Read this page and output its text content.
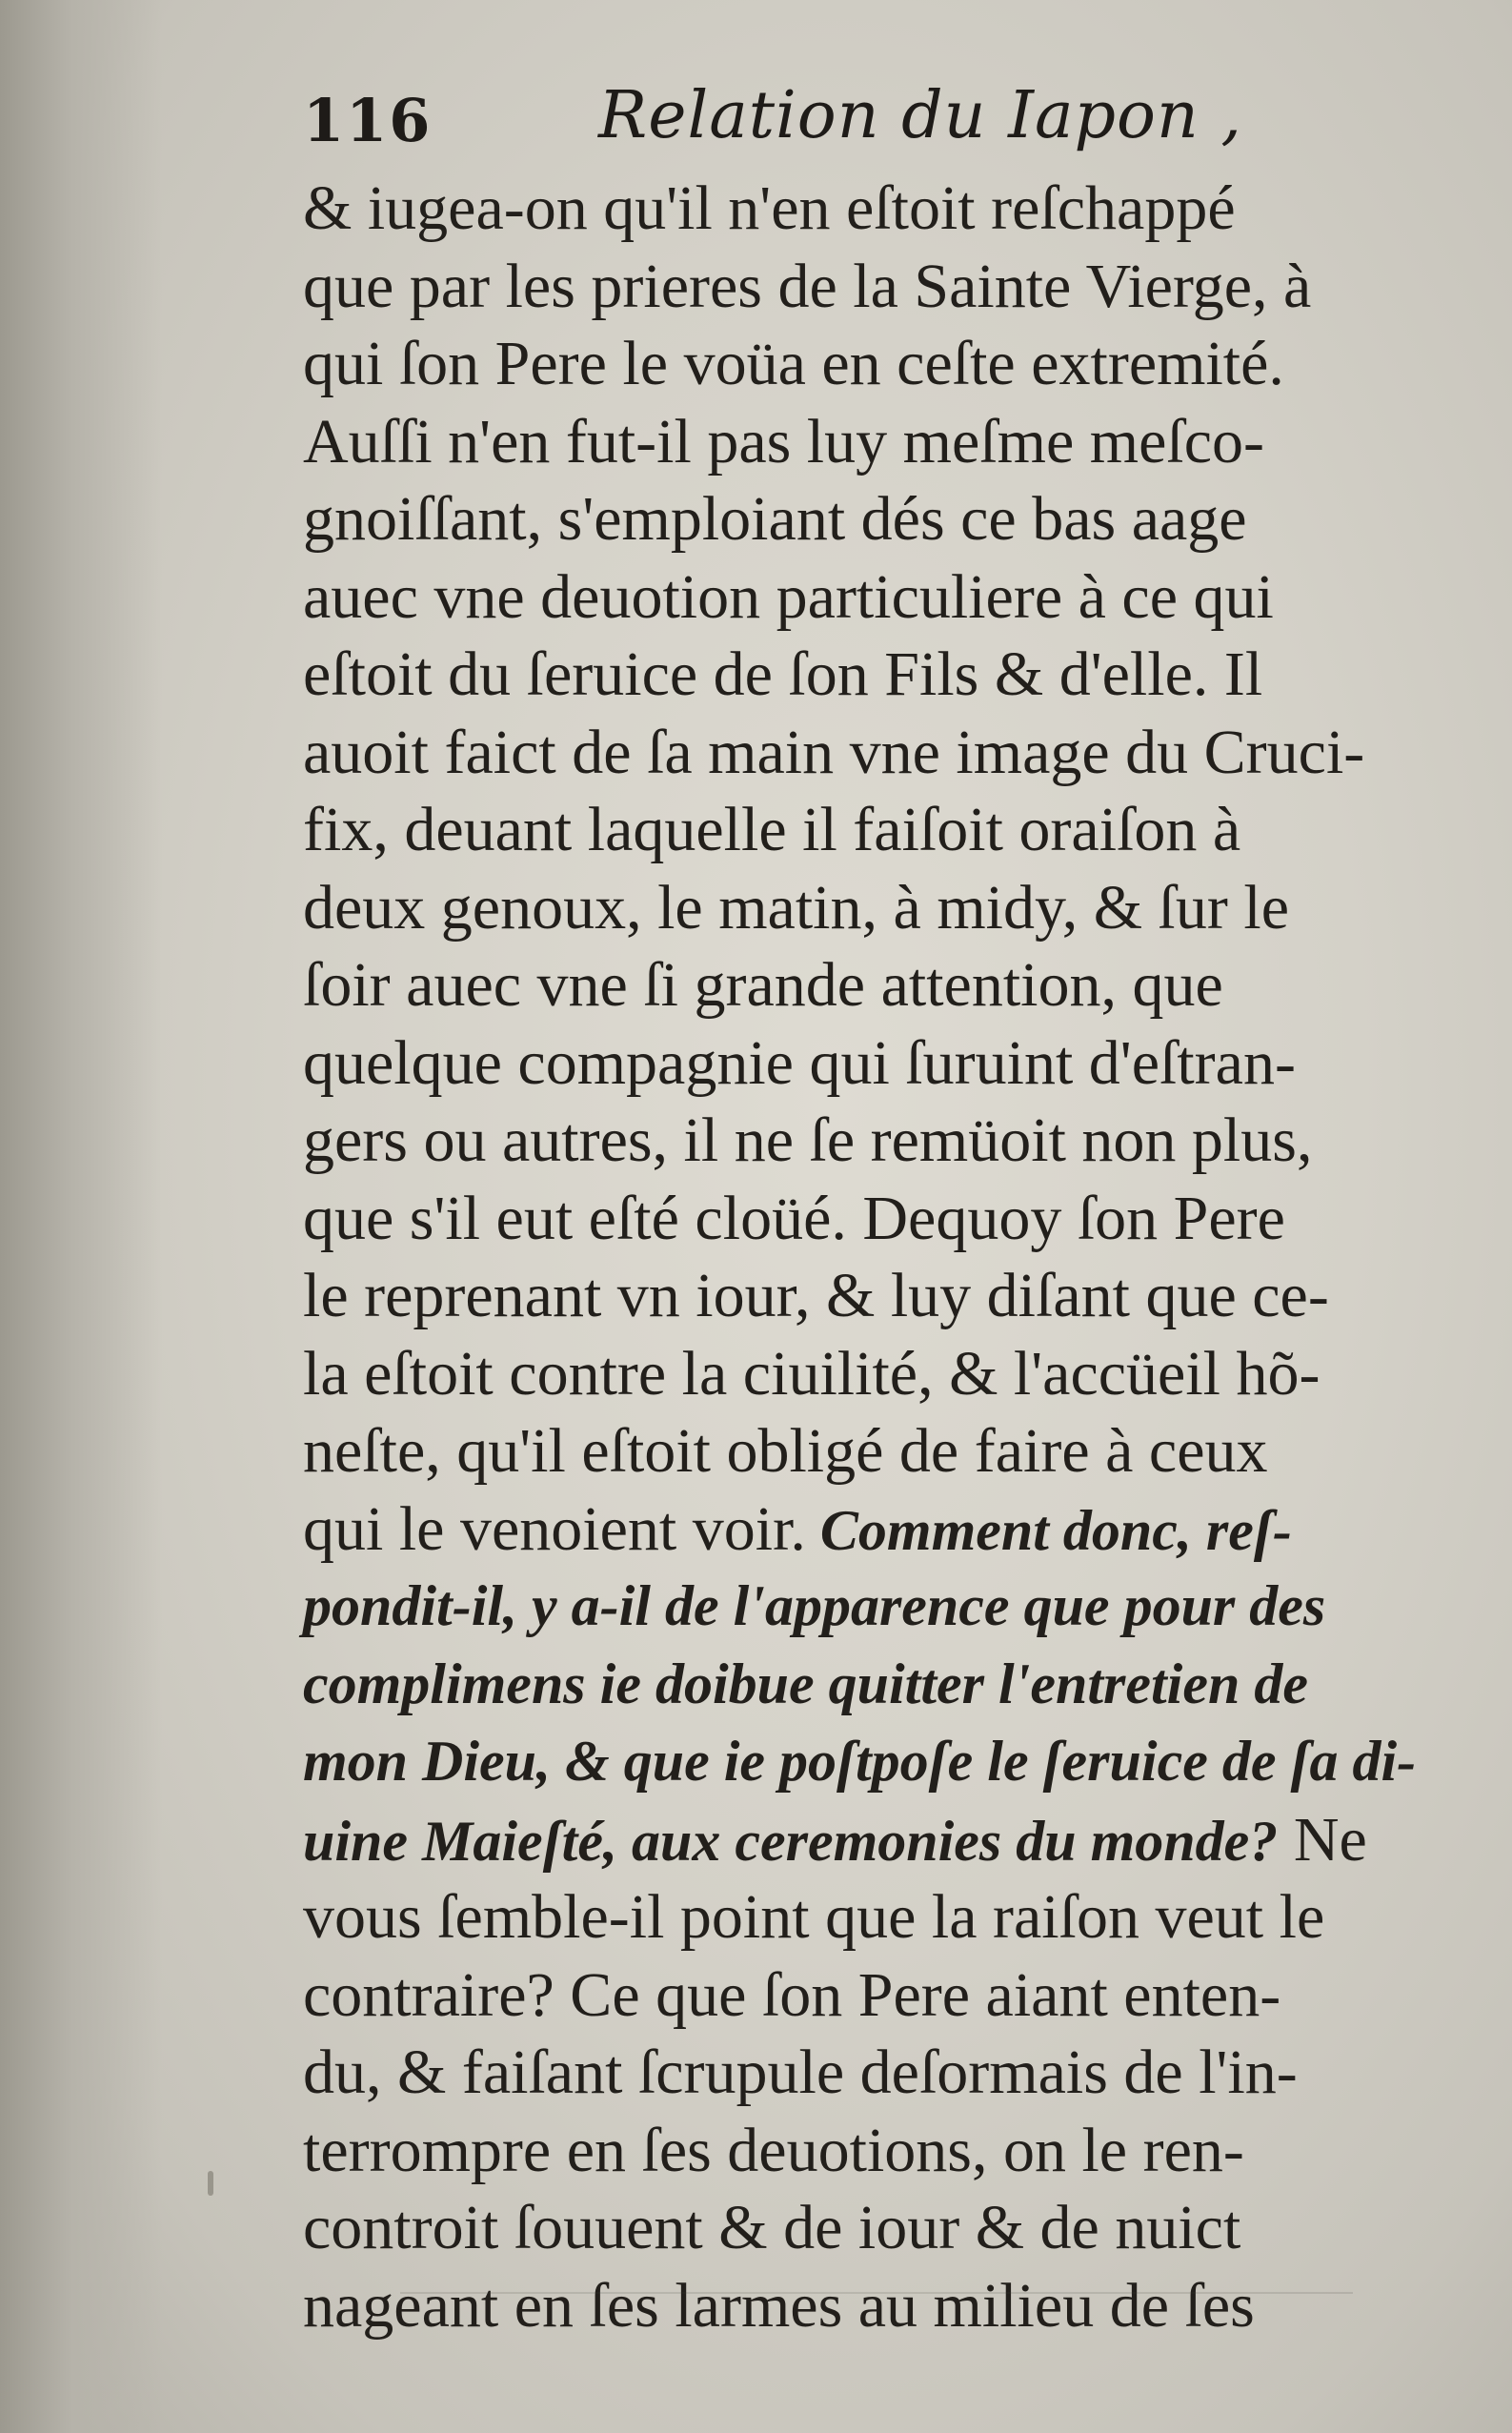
116	Relation du Iapon ,
& iugea-on qu'il n'en eſtoit reſchappé
que par les prieres de la Sainte Vierge, à
qui ſon Pere le voüa en ceſte extremité.
Auſſi n'en fut-il pas luy meſme meſco-
gnoiſſant, s'emploiant dés ce bas aage
auec vne deuotion particuliere à ce qui
eſtoit du ſeruice de ſon Fils & d'elle. Il
auoit faict de ſa main vne image du Cruci-
fix, deuant laquelle il faiſoit oraiſon à
deux genoux, le matin, à midy, & ſur le
ſoir auec vne ſi grande attention, que
quelque compagnie qui ſuruint d'eſtran-
gers ou autres, il ne ſe remüoit non plus,
que s'il eut eſté cloüé. Dequoy ſon Pere
le reprenant vn iour, & luy diſant que ce-
la eſtoit contre la ciuilité, & l'accüeil hõ-
neſte, qu'il eſtoit obligé de faire à ceux
qui le venoient voir. Comment donc, reſ-
pondit-il, y a-il de l'apparence que pour des
complimens ie doibue quitter l'entretien de
mon Dieu, & que ie poſtpoſe le ſeruice de ſa di-
uine Maieſté, aux ceremonies du monde? Ne
vous ſemble-il point que la raiſon veut le
contraire? Ce que ſon Pere aiant enten-
du, & faiſant ſcrupule deſormais de l'in-
terrompre en ſes deuotions, on le ren-
controit ſouuent & de iour & de nuict
nageant en ſes larmes au milieu de ſes
